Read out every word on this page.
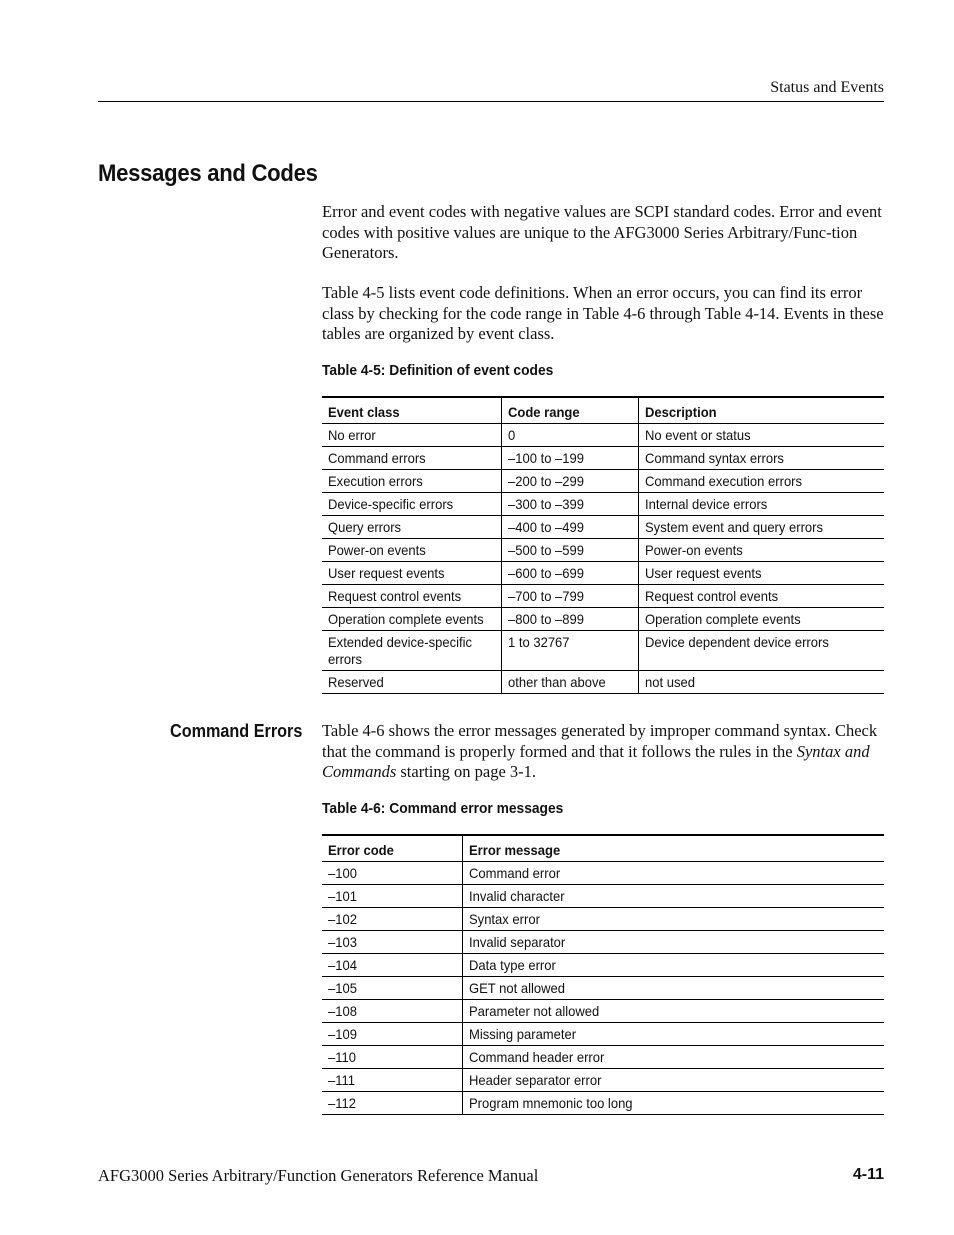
Status and Events
Messages and Codes
Error and event codes with negative values are SCPI standard codes. Error and event codes with positive values are unique to the AFG3000 Series Arbitrary/Func-tion Generators.
Table 4-5 lists event code definitions. When an error occurs, you can find its error class by checking for the code range in Table 4-6 through Table 4-14. Events in these tables are organized by event class.
Table 4-5: Definition of event codes
Event class	Code range	Description
No error	0	No event or status
Command errors	–100 to –199	Command syntax errors
Execution errors	–200 to –299	Command execution errors
Device-specific errors	–300 to –399	Internal device errors
Query errors	–400 to –499	System event and query errors
Power-on events	–500 to –599	Power-on events
User request events	–600 to –699	User request events
Request control events	–700 to –799	Request control events
Operation complete events	–800 to –899	Operation complete events
Extended device-specific errors	1 to 32767	Device dependent device errors
Reserved	other than above	not used
Command Errors Table 4-6 shows the error messages generated by improper command syntax. Check that the command is properly formed and that it follows the rules in the Syntax and Commands starting on page 3-1.
Table 4-6: Command error messages
Error code	Error message
–100	Command error
–101	Invalid character
–102	Syntax error
–103	Invalid separator
–104	Data type error
–105	GET not allowed
–108	Parameter not allowed
–109	Missing parameter
–110	Command header error
–111	Header separator error
–112	Program mnemonic too long
AFG3000 Series Arbitrary/Function Generators Reference Manual	4-11
